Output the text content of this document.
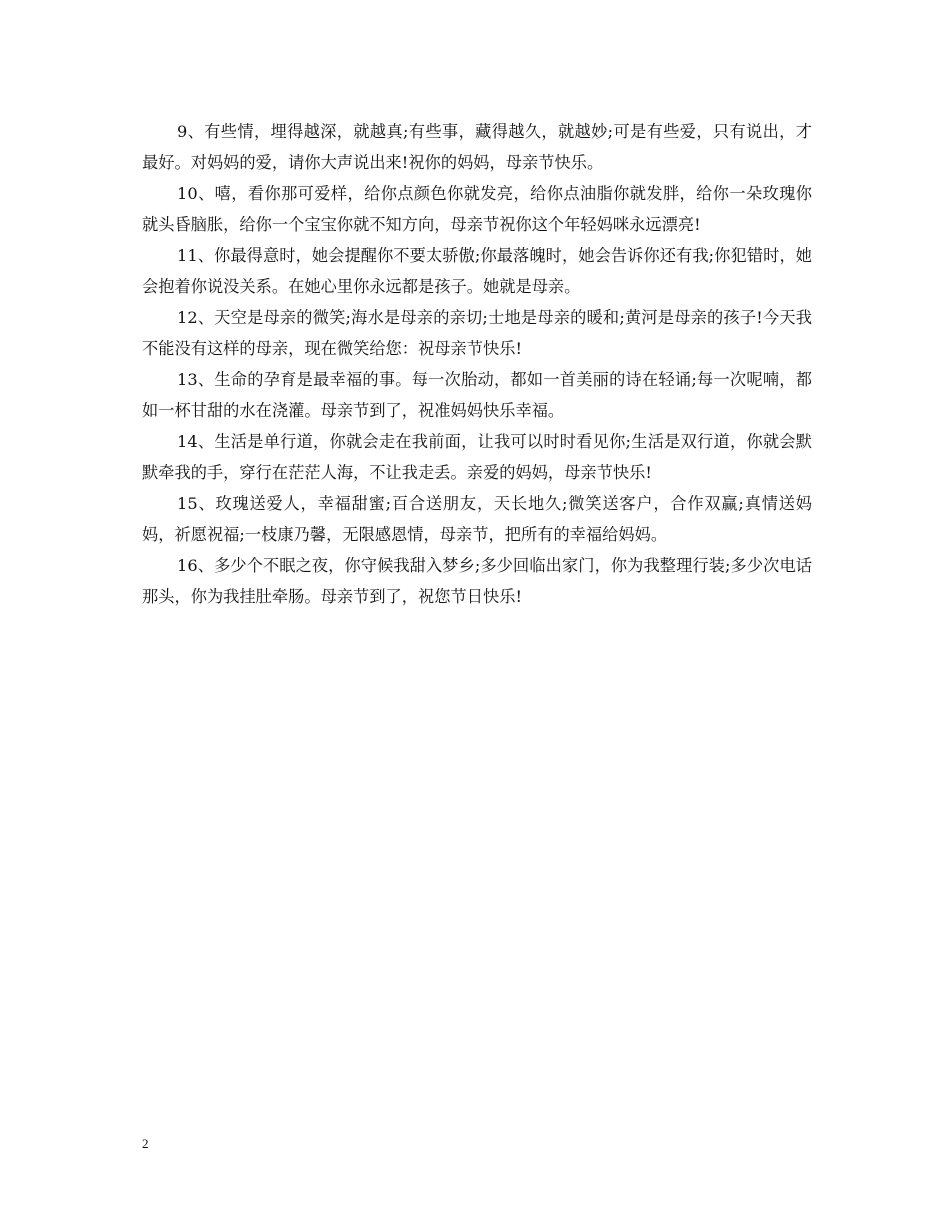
9、有些情，埋得越深，就越真;有些事，藏得越久，就越妙;可是有些爱，只有说出，才最好。对妈妈的爱，请你大声说出来!祝你的妈妈，母亲节快乐。

10、嘻，看你那可爱样，给你点颜色你就发亮，给你点油脂你就发胖，给你一朵玫瑰你就头昏脑胀，给你一个宝宝你就不知方向，母亲节祝你这个年轻妈咪永远漂亮!

11、你最得意时，她会提醒你不要太骄傲;你最落魄时，她会告诉你还有我;你犯错时，她会抱着你说没关系。在她心里你永远都是孩子。她就是母亲。

12、天空是母亲的微笑;海水是母亲的亲切;士地是母亲的暖和;黄河是母亲的孩子!今天我不能没有这样的母亲，现在微笑给您：祝母亲节快乐!

13、生命的孕育是最幸福的事。每一次胎动，都如一首美丽的诗在轻诵;每一次呢喃，都如一杯甘甜的水在浇灌。母亲节到了，祝准妈妈快乐幸福。

14、生活是单行道，你就会走在我前面，让我可以时时看见你;生活是双行道，你就会默默牵我的手，穿行在茫茫人海，不让我走丢。亲爱的妈妈，母亲节快乐!

15、玫瑰送爱人，幸福甜蜜;百合送朋友，天长地久;微笑送客户，合作双赢;真情送妈妈，祈愿祝福;一枝康乃馨，无限感恩情，母亲节，把所有的幸福给妈妈。

16、多少个不眠之夜，你守候我甜入梦乡;多少回临出家门，你为我整理行装;多少次电话那头，你为我挂肚牵肠。母亲节到了，祝您节日快乐!

2
